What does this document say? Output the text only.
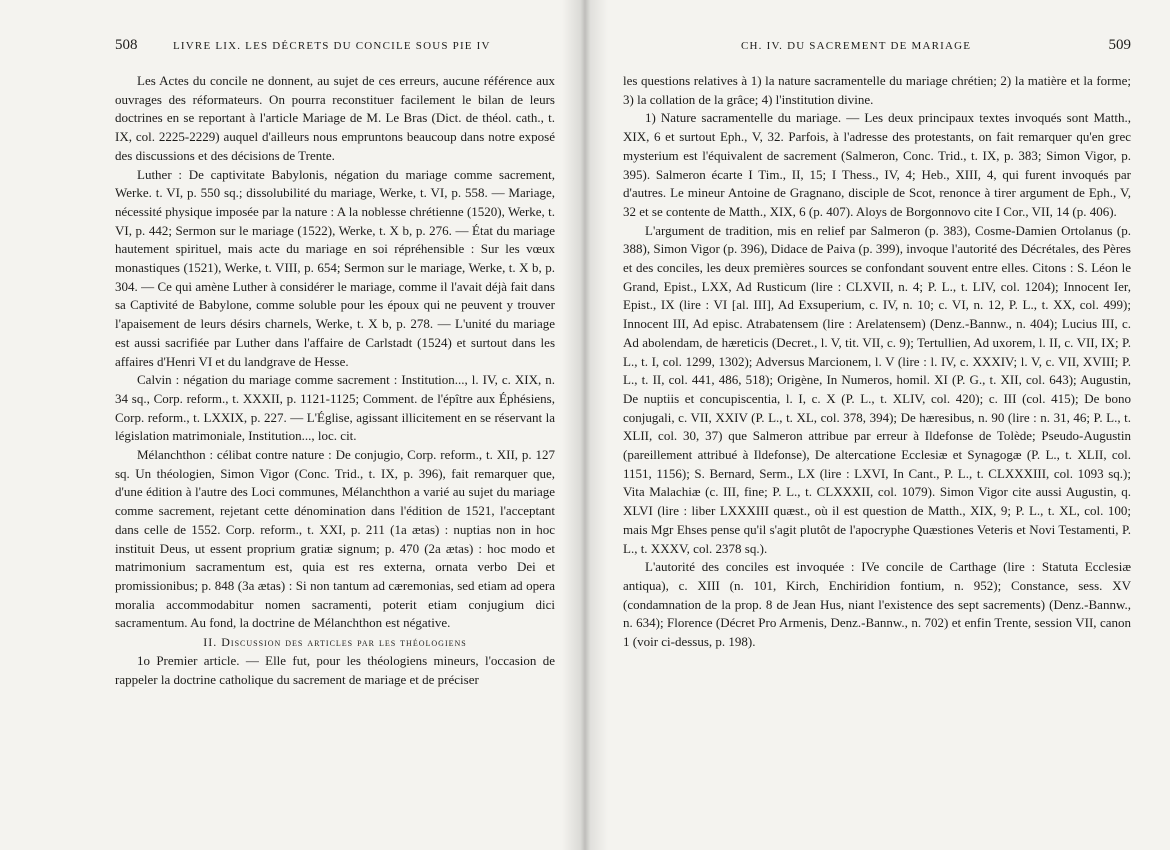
508	LIVRE LIX. LES DÉCRETS DU CONCILE SOUS PIE IV

Les Actes du concile ne donnent, au sujet de ces erreurs, aucune référence aux ouvrages des réformateurs. On pourra reconstituer facilement le bilan de leurs doctrines en se reportant à l'article Mariage de M. Le Bras (Dict. de théol. cath., t. IX, col. 2225-2229) auquel d'ailleurs nous empruntons beaucoup dans notre exposé des discussions et des décisions de Trente.

Luther : De captivitate Babylonis, négation du mariage comme sacrement, Werke. t. VI, p. 550 sq.; dissolubilité du mariage, Werke, t. VI, p. 558. — Mariage, nécessité physique imposée par la nature : A la noblesse chrétienne (1520), Werke, t. VI, p. 442; Sermon sur le mariage (1522), Werke, t. X b, p. 276. — État du mariage hautement spirituel, mais acte du mariage en soi répréhensible : Sur les vœux monastiques (1521), Werke, t. VIII, p. 654; Sermon sur le mariage, Werke, t. X b, p. 304. — Ce qui amène Luther à considérer le mariage, comme il l'avait déjà fait dans sa Captivité de Babylone, comme soluble pour les époux qui ne peuvent y trouver l'apaisement de leurs désirs charnels, Werke, t. X b, p. 278. — L'unité du mariage est aussi sacrifiée par Luther dans l'affaire de Carlstadt (1524) et surtout dans les affaires d'Henri VI et du landgrave de Hesse.

Calvin : négation du mariage comme sacrement : Institution..., l. IV, c. XIX, n. 34 sq., Corp. reform., t. XXXII, p. 1121-1125; Comment. de l'épître aux Éphésiens, Corp. reform., t. LXXIX, p. 227. — L'Église, agissant illicitement en se réservant la législation matrimoniale, Institution..., loc. cit.

Mélanchthon : célibat contre nature : De conjugio, Corp. reform., t. XII, p. 127 sq. Un théologien, Simon Vigor (Conc. Trid., t. IX, p. 396), fait remarquer que, d'une édition à l'autre des Loci communes, Mélanchthon a varié au sujet du mariage comme sacrement, rejetant cette dénomination dans l'édition de 1521, l'acceptant dans celle de 1552. Corp. reform., t. XXI, p. 211 (1a ætas) : nuptias non in hoc instituit Deus, ut essent proprium gratiæ signum; p. 470 (2a ætas) : hoc modo et matrimonium sacramentum est, quia est res externa, ornata verbo Dei et promissionibus; p. 848 (3a ætas) : Si non tantum ad cæremonias, sed etiam ad opera moralia accommodabitur nomen sacramenti, poterit etiam conjugium dici sacramentum. Au fond, la doctrine de Mélanchthon est négative.

II. Discussion des articles par les théologiens

1o Premier article. — Elle fut, pour les théologiens mineurs, l'occasion de rappeler la doctrine catholique du sacrement de mariage et de préciser

CH. IV. DU SACREMENT DE MARIAGE	509

les questions relatives à 1) la nature sacramentelle du mariage chrétien; 2) la matière et la forme; 3) la collation de la grâce; 4) l'institution divine.

1) Nature sacramentelle du mariage. — Les deux principaux textes invoqués sont Matth., XIX, 6 et surtout Eph., V, 32. Parfois, à l'adresse des protestants, on fait remarquer qu'en grec mysterium est l'équivalent de sacrement (Salmeron, Conc. Trid., t. IX, p. 383; Simon Vigor, p. 395). Salmeron écarte I Tim., II, 15; I Thess., IV, 4; Heb., XIII, 4, qui furent invoqués par d'autres. Le mineur Antoine de Gragnano, disciple de Scot, renonce à tirer argument de Eph., V, 32 et se contente de Matth., XIX, 6 (p. 407). Aloys de Borgonnovo cite I Cor., VII, 14 (p. 406).

L'argument de tradition, mis en relief par Salmeron (p. 383), Cosme-Damien Ortolanus (p. 388), Simon Vigor (p. 396), Didace de Paiva (p. 399), invoque l'autorité des Décrétales, des Pères et des conciles, les deux premières sources se confondant souvent entre elles. Citons : S. Léon le Grand, Epist., LXX, Ad Rusticum (lire : CLXVII, n. 4; P. L., t. LIV, col. 1204); Innocent Ier, Epist., IX (lire : VI [al. III], Ad Exsuperium, c. IV, n. 10; c. VI, n. 12, P. L., t. XX, col. 499); Innocent III, Ad episc. Atrabatensem (lire : Arelatensem) (Denz.-Bannw., n. 404); Lucius III, c. Ad abolendam, de hæreticis (Decret., l. V, tit. VII, c. 9); Tertullien, Ad uxorem, l. II, c. VII, IX; P. L., t. I, col. 1299, 1302); Adversus Marcionem, l. V (lire : l. IV, c. XXXIV; l. V, c. VII, XVIII; P. L., t. II, col. 441, 486, 518); Origène, In Numeros, homil. XI (P. G., t. XII, col. 643); Augustin, De nuptiis et concupiscentia, l. I, c. X (P. L., t. XLIV, col. 420); c. III (col. 415); De bono conjugali, c. VII, XXIV (P. L., t. XL, col. 378, 394); De hæresibus, n. 90 (lire : n. 31, 46; P. L., t. XLII, col. 30, 37) que Salmeron attribue par erreur à Ildefonse de Tolède; Pseudo-Augustin (pareillement attribué à Ildefonse), De altercatione Ecclesiæ et Synagogæ (P. L., t. XLII, col. 1151, 1156); S. Bernard, Serm., LX (lire : LXVI, In Cant., P. L., t. CLXXXIII, col. 1093 sq.); Vita Malachiæ (c. III, fine; P. L., t. CLXXXII, col. 1079). Simon Vigor cite aussi Augustin, q. XLVI (lire : liber LXXXIII quæst., où il est question de Matth., XIX, 9; P. L., t. XL, col. 100; mais Mgr Ehses pense qu'il s'agit plutôt de l'apocryphe Quæstiones Veteris et Novi Testamenti, P. L., t. XXXV, col. 2378 sq.).

L'autorité des conciles est invoquée : IVe concile de Carthage (lire : Statuta Ecclesiæ antiqua), c. XIII (n. 101, Kirch, Enchiridion fontium, n. 952); Constance, sess. XV (condamnation de la prop. 8 de Jean Hus, niant l'existence des sept sacrements) (Denz.-Bannw., n. 634); Florence (Décret Pro Armenis, Denz.-Bannw., n. 702) et enfin Trente, session VII, canon 1 (voir ci-dessus, p. 198).
